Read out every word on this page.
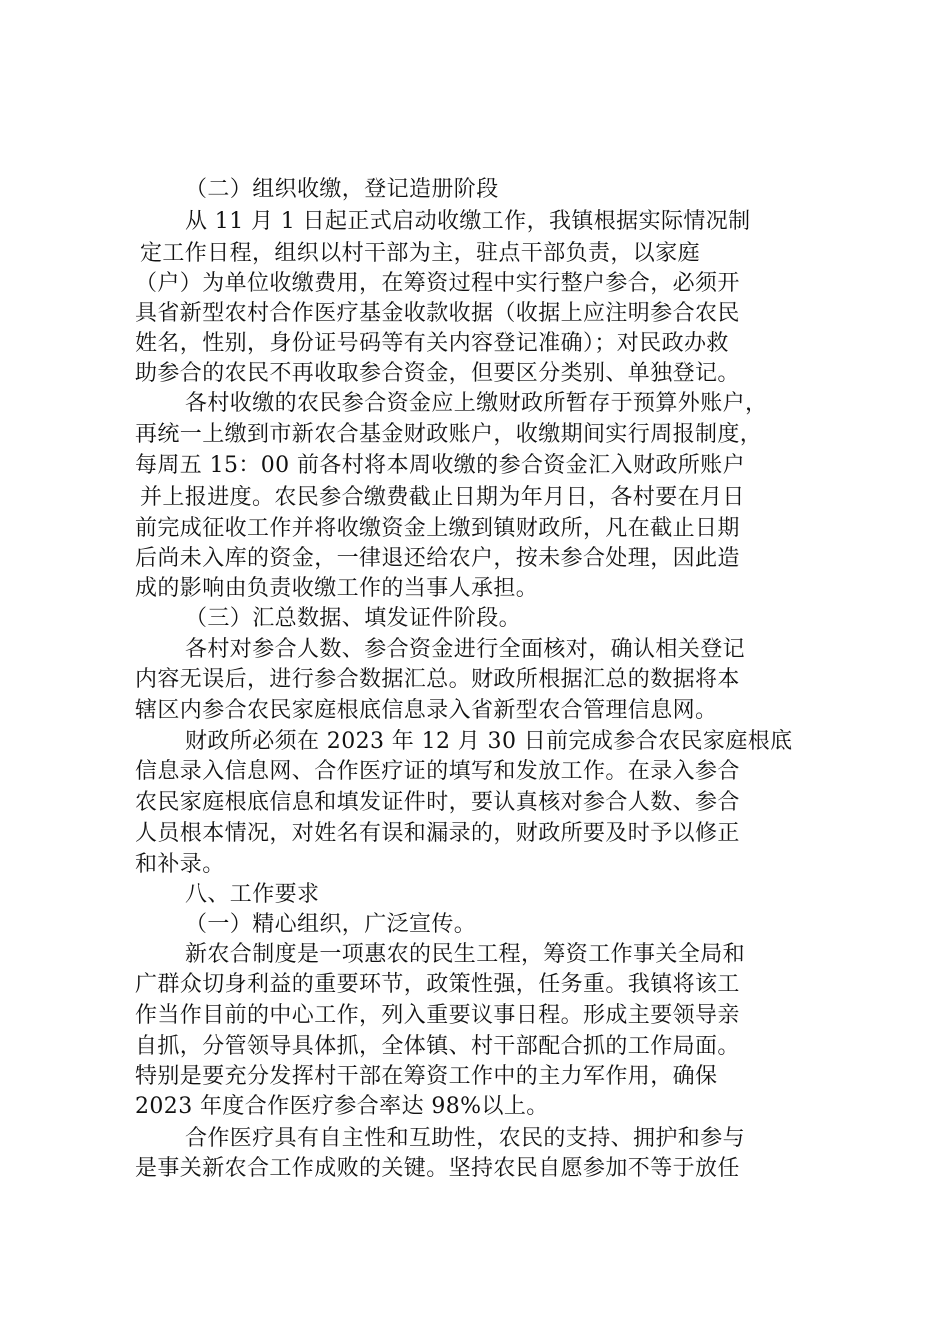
（二）组织收缴，登记造册阶段
从 11 月 1 日起正式启动收缴工作，我镇根据实际情况制
定工作日程，组织以村干部为主，驻点干部负责，以家庭
（户）为单位收缴费用，在筹资过程中实行整户参合，必须开
具省新型农村合作医疗基金收款收据（收据上应注明参合农民
姓名，性别，身份证号码等有关内容登记准确）；对民政办救
助参合的农民不再收取参合资金，但要区分类别、单独登记。
各村收缴的农民参合资金应上缴财政所暂存于预算外账户，
再统一上缴到市新农合基金财政账户，收缴期间实行周报制度，
每周五 15：00 前各村将本周收缴的参合资金汇入财政所账户
并上报进度。农民参合缴费截止日期为年月日，各村要在月日
前完成征收工作并将收缴资金上缴到镇财政所，凡在截止日期
后尚未入库的资金，一律退还给农户，按未参合处理，因此造
成的影响由负责收缴工作的当事人承担。
（三）汇总数据、填发证件阶段。
各村对参合人数、参合资金进行全面核对，确认相关登记
内容无误后，进行参合数据汇总。财政所根据汇总的数据将本
辖区内参合农民家庭根底信息录入省新型农合管理信息网。
财政所必须在 2023 年 12 月 30 日前完成参合农民家庭根底
信息录入信息网、合作医疗证的填写和发放工作。在录入参合
农民家庭根底信息和填发证件时，要认真核对参合人数、参合
人员根本情况，对姓名有误和漏录的，财政所要及时予以修正
和补录。
八、工作要求
（一）精心组织，广泛宣传。
新农合制度是一项惠农的民生工程，筹资工作事关全局和
广群众切身利益的重要环节，政策性强，任务重。我镇将该工
作当作目前的中心工作，列入重要议事日程。形成主要领导亲
自抓，分管领导具体抓，全体镇、村干部配合抓的工作局面。
特别是要充分发挥村干部在筹资工作中的主力军作用，确保
2023 年度合作医疗参合率达 98%以上。
合作医疗具有自主性和互助性，农民的支持、拥护和参与
是事关新农合工作成败的关键。坚持农民自愿参加不等于放任
